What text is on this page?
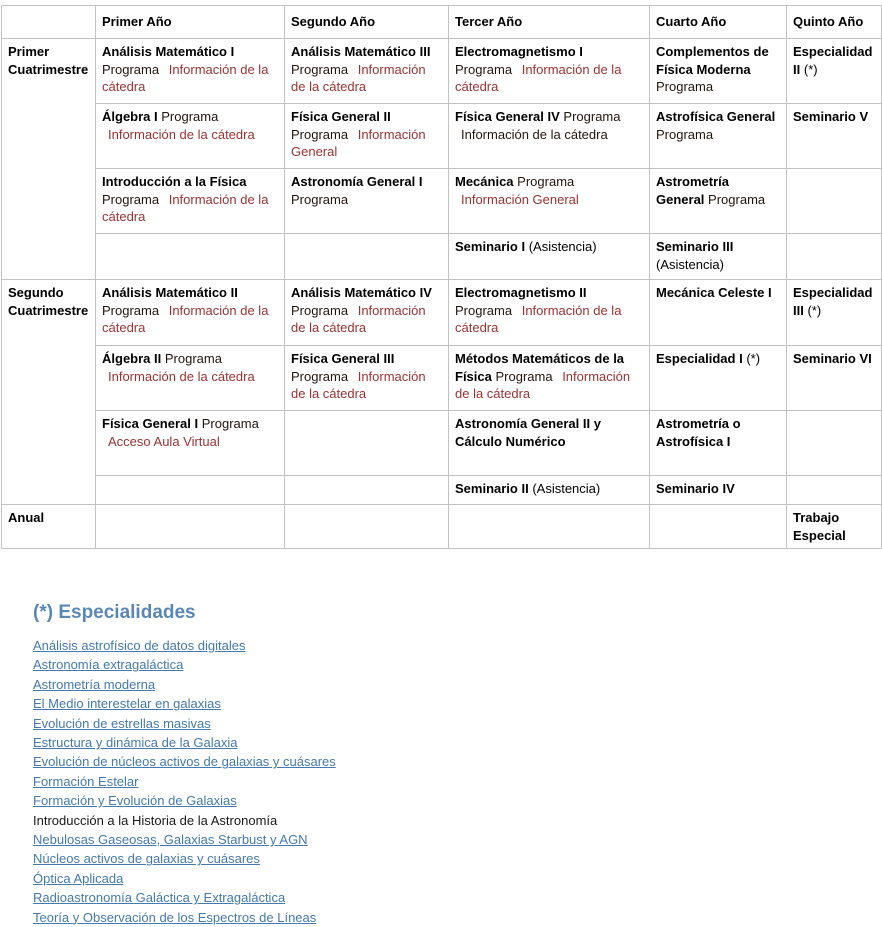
	Primer Año	Segundo Año	Tercer Año	Cuarto Año	Quinto Año
Primer Cuatrimestre	Análisis Matemático I Programa Información de la cátedra	Análisis Matemático III Programa Información de la cátedra	Electromagnetismo I Programa Información de la cátedra	Complementos de Física Moderna Programa	Especialidad II (*)
	Álgebra I Programa Información de la cátedra	Física General II Programa Información General	Física General IV Programa Información de la cátedra	Astrofísica General Programa	Seminario V
	Introducción a la Física Programa Información de la cátedra	Astronomía General I Programa	Mecánica Programa Información General	Astrometría General Programa	
			Seminario I (Asistencia)	Seminario III (Asistencia)	
Segundo Cuatrimestre	Análisis Matemático II Programa Información de la cátedra	Análisis Matemático IV Programa Información de la cátedra	Electromagnetismo II Programa Información de la cátedra	Mecánica Celeste I	Especialidad III (*)
	Álgebra II Programa Información de la cátedra	Física General III Programa Información de la cátedra	Métodos Matemáticos de la Física Programa Información de la cátedra	Especialidad I (*)	Seminario VI
	Física General I Programa Acceso Aula Virtual		Astronomía General II y Cálculo Numérico	Astrometría o Astrofísica I	
			Seminario II (Asistencia)	Seminario IV	
Anual					Trabajo Especial
(*) Especialidades
Análisis astrofísico de datos digitales
Astronomía extragaláctica
Astrometría moderna
El Medio interestelar en galaxias
Evolución de estrellas masivas
Estructura y dinámica de la Galaxia
Evolución de núcleos activos de galaxias y cuásares
Formación Estelar
Formación y Evolución de Galaxias
Introducción a la Historia de la Astronomía
Nebulosas Gaseosas, Galaxias Starbust y AGN
Núcleos activos de galaxias y cuásares
Óptica Aplicada
Radioastronomía Galáctica y Extragaláctica
Teoría y Observación de los Espectros de Líneas
